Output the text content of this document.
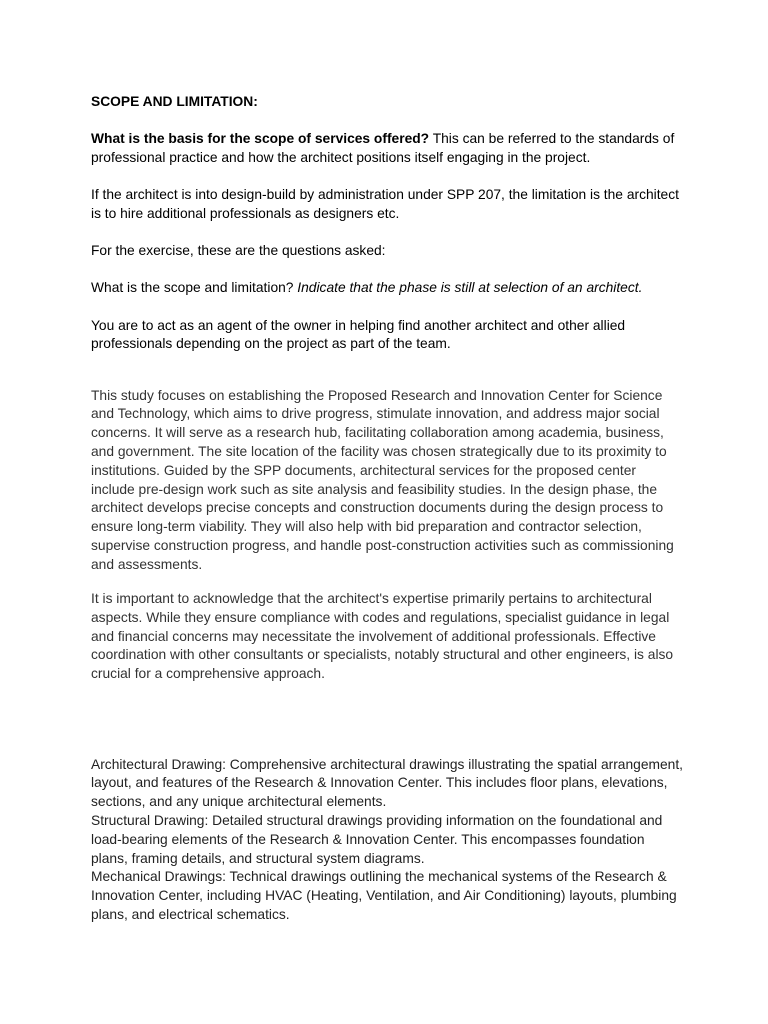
SCOPE AND LIMITATION:

What is the basis for the scope of services offered? This can be referred to the standards of professional practice and how the architect positions itself engaging in the project.

If the architect is into design-build by administration under SPP 207, the limitation is the architect is to hire additional professionals as designers etc.

For the exercise, these are the questions asked:

What is the scope and limitation? Indicate that the phase is still at selection of an architect.

You are to act as an agent of the owner in helping find another architect and other allied professionals depending on the project as part of the team.

This study focuses on establishing the Proposed Research and Innovation Center for Science and Technology, which aims to drive progress, stimulate innovation, and address major social concerns. It will serve as a research hub, facilitating collaboration among academia, business, and government. The site location of the facility was chosen strategically due to its proximity to institutions. Guided by the SPP documents, architectural services for the proposed center include pre-design work such as site analysis and feasibility studies. In the design phase, the architect develops precise concepts and construction documents during the design process to ensure long-term viability. They will also help with bid preparation and contractor selection, supervise construction progress, and handle post-construction activities such as commissioning and assessments.

It is important to acknowledge that the architect's expertise primarily pertains to architectural aspects. While they ensure compliance with codes and regulations, specialist guidance in legal and financial concerns may necessitate the involvement of additional professionals. Effective coordination with other consultants or specialists, notably structural and other engineers, is also crucial for a comprehensive approach.

Architectural Drawing: Comprehensive architectural drawings illustrating the spatial arrangement, layout, and features of the Research & Innovation Center. This includes floor plans, elevations, sections, and any unique architectural elements.

Structural Drawing: Detailed structural drawings providing information on the foundational and load-bearing elements of the Research & Innovation Center. This encompasses foundation plans, framing details, and structural system diagrams.

Mechanical Drawings: Technical drawings outlining the mechanical systems of the Research & Innovation Center, including HVAC (Heating, Ventilation, and Air Conditioning) layouts, plumbing plans, and electrical schematics.
